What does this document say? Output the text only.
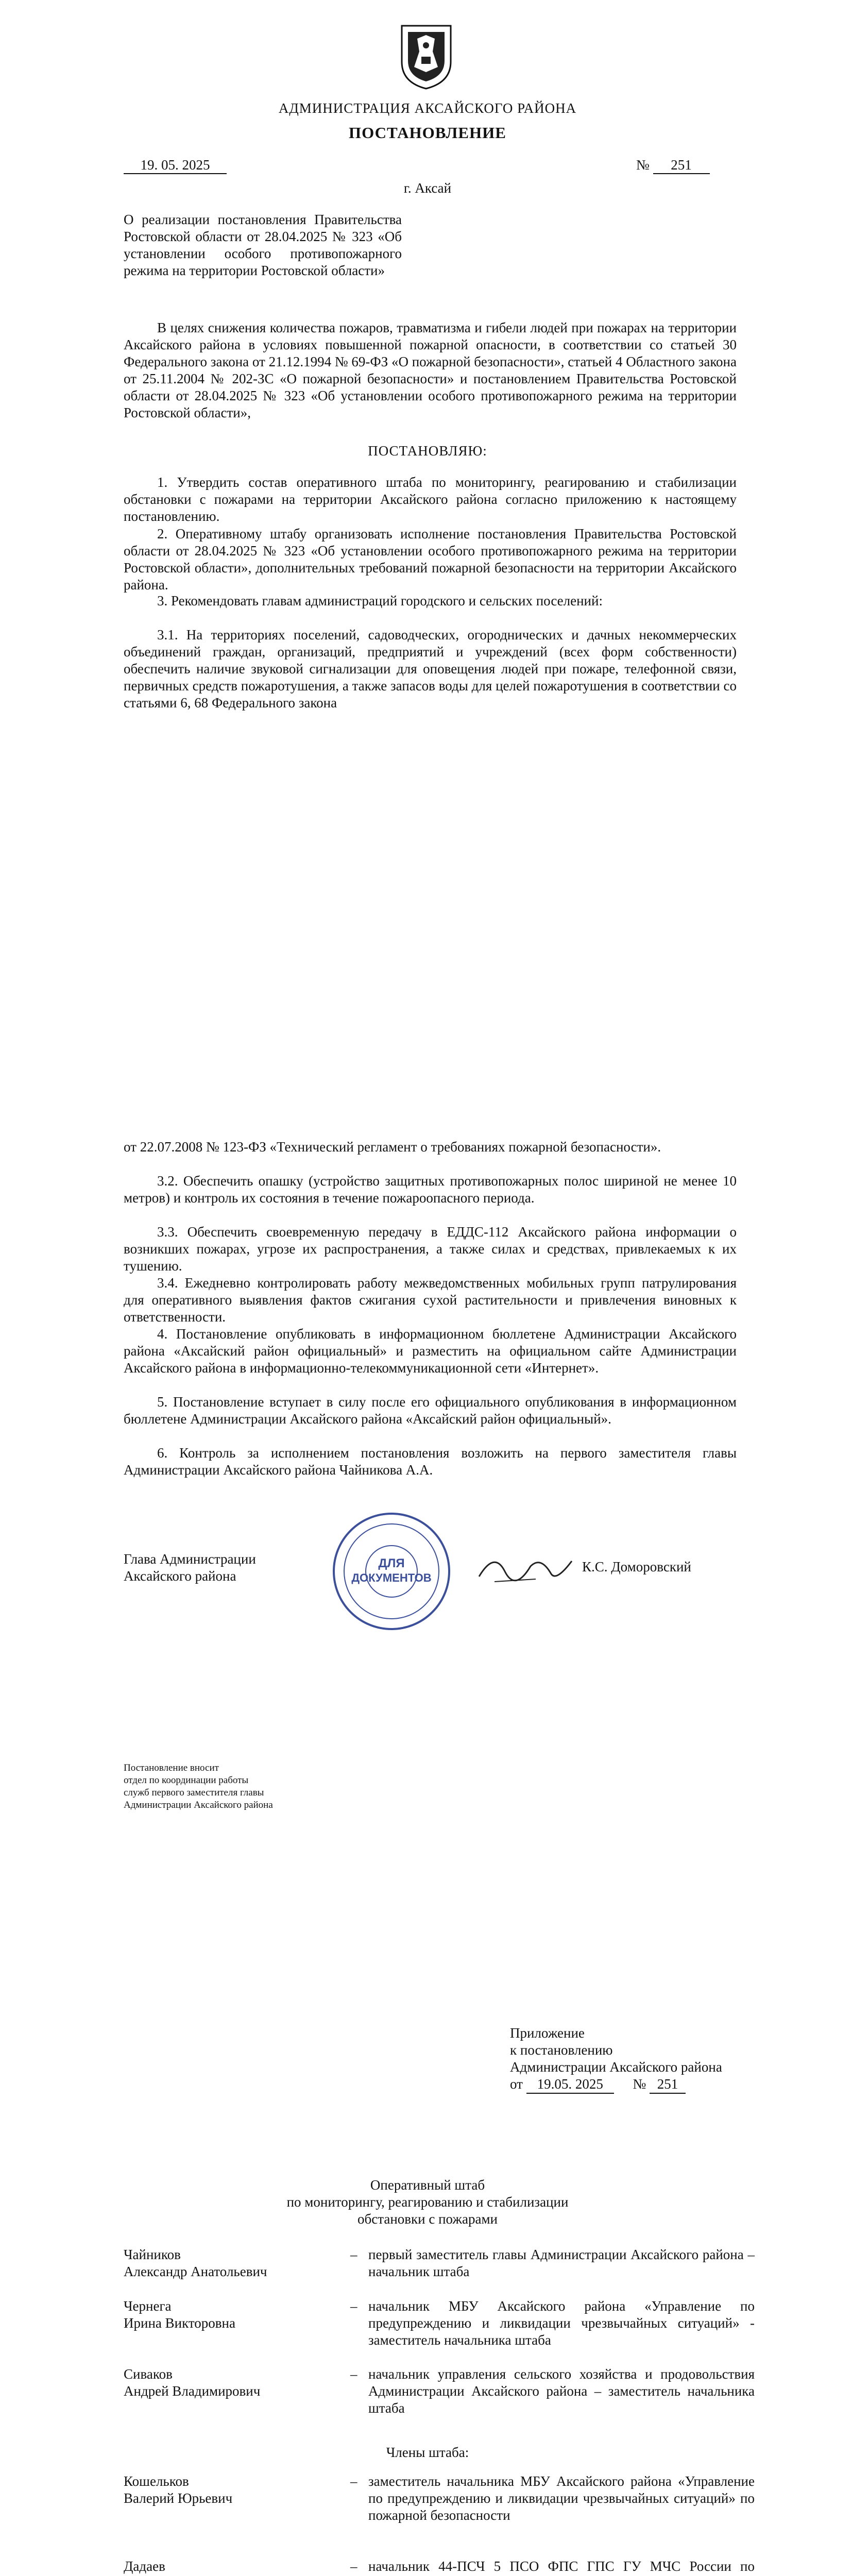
АДМИНИСТРАЦИЯ АКСАЙСКОГО РАЙОНА
ПОСТАНОВЛЕНИЕ
19. 05. 2025	№ 251
г. Аксай

О реализации постановления Правительства Ростовской области от 28.04.2025 № 323 «Об установлении особого противопожарного режима на территории Ростовской области»

В целях снижения количества пожаров, травматизма и гибели людей при пожарах на территории Аксайского района в условиях повышенной пожарной опасности, в соответствии со статьей 30 Федерального закона от 21.12.1994 № 69-ФЗ «О пожарной безопасности», статьей 4 Областного закона от 25.11.2004 № 202-ЗС «О пожарной безопасности» и постановлением Правительства Ростовской области от 28.04.2025 № 323 «Об установлении особого противопожарного режима на территории Ростовской области»,

ПОСТАНОВЛЯЮ:

1. Утвердить состав оперативного штаба по мониторингу, реагированию и стабилизации обстановки с пожарами на территории Аксайского района согласно приложению к настоящему постановлению.

2. Оперативному штабу организовать исполнение постановления Правительства Ростовской области от 28.04.2025 № 323 «Об установлении особого противопожарного режима на территории Ростовской области», дополнительных требований пожарной безопасности на территории Аксайского района.

3. Рекомендовать главам администраций городского и сельских поселений:

3.1. На территориях поселений, садоводческих, огороднических и дачных некоммерческих объединений граждан, организаций, предприятий и учреждений (всех форм собственности) обеспечить наличие звуковой сигнализации для оповещения людей при пожаре, телефонной связи, первичных средств пожаротушения, а также запасов воды для целей пожаротушения в соответствии со статьями 6, 68 Федерального закона

от 22.07.2008 № 123-ФЗ «Технический регламент о требованиях пожарной безопасности».

3.2. Обеспечить опашку (устройство защитных противопожарных полос шириной не менее 10 метров) и контроль их состояния в течение пожароопасного периода.

3.3. Обеспечить своевременную передачу в ЕДДС-112 Аксайского района информации о возникших пожарах, угрозе их распространения, а также силах и средствах, привлекаемых к их тушению.

3.4. Ежедневно контролировать работу межведомственных мобильных групп патрулирования для оперативного выявления фактов сжигания сухой растительности и привлечения виновных к ответственности.

4. Постановление опубликовать в информационном бюллетене Администрации Аксайского района «Аксайский район официальный» и разместить на официальном сайте Администрации Аксайского района в информационно-телекоммуникационной сети «Интернет».

5. Постановление вступает в силу после его официального опубликования в информационном бюллетене Администрации Аксайского района «Аксайский район официальный».

6. Контроль за исполнением постановления возложить на первого заместителя главы Администрации Аксайского района Чайникова А.А.

Глава Администрации
Аксайского района
ДЛЯ
ДОКУМЕНТОВ
К.С. Доморовский
Постановление вносит
отдел по координации работы
служб первого заместителя главы
Администрации Аксайского района
Приложение
к постановлению
Администрации Аксайского района
от 19.05. 2025 № 251
Оперативный штаб
по мониторингу, реагированию и стабилизации
обстановки с пожарами
Чайников
Александр Анатольевич
– первый заместитель главы Администрации Аксайского района – начальник штаба
Чернега
Ирина Викторовна
– начальник МБУ Аксайского района «Управление по предупреждению и ликвидации чрезвычайных ситуаций» - заместитель начальника штаба
Сиваков
Андрей Владимирович
– начальник управления сельского хозяйства и продовольствия Администрации Аксайского района – заместитель начальника штаба
Члены штаба:
Кошельков
Валерий Юрьевич
– заместитель начальника МБУ Аксайского района «Управление по предупреждению и ликвидации чрезвычайных ситуаций» по пожарной безопасности
Дадаев	– начальник 44-ПСЧ 5 ПСО ФПС ГПС ГУ МЧС России по
